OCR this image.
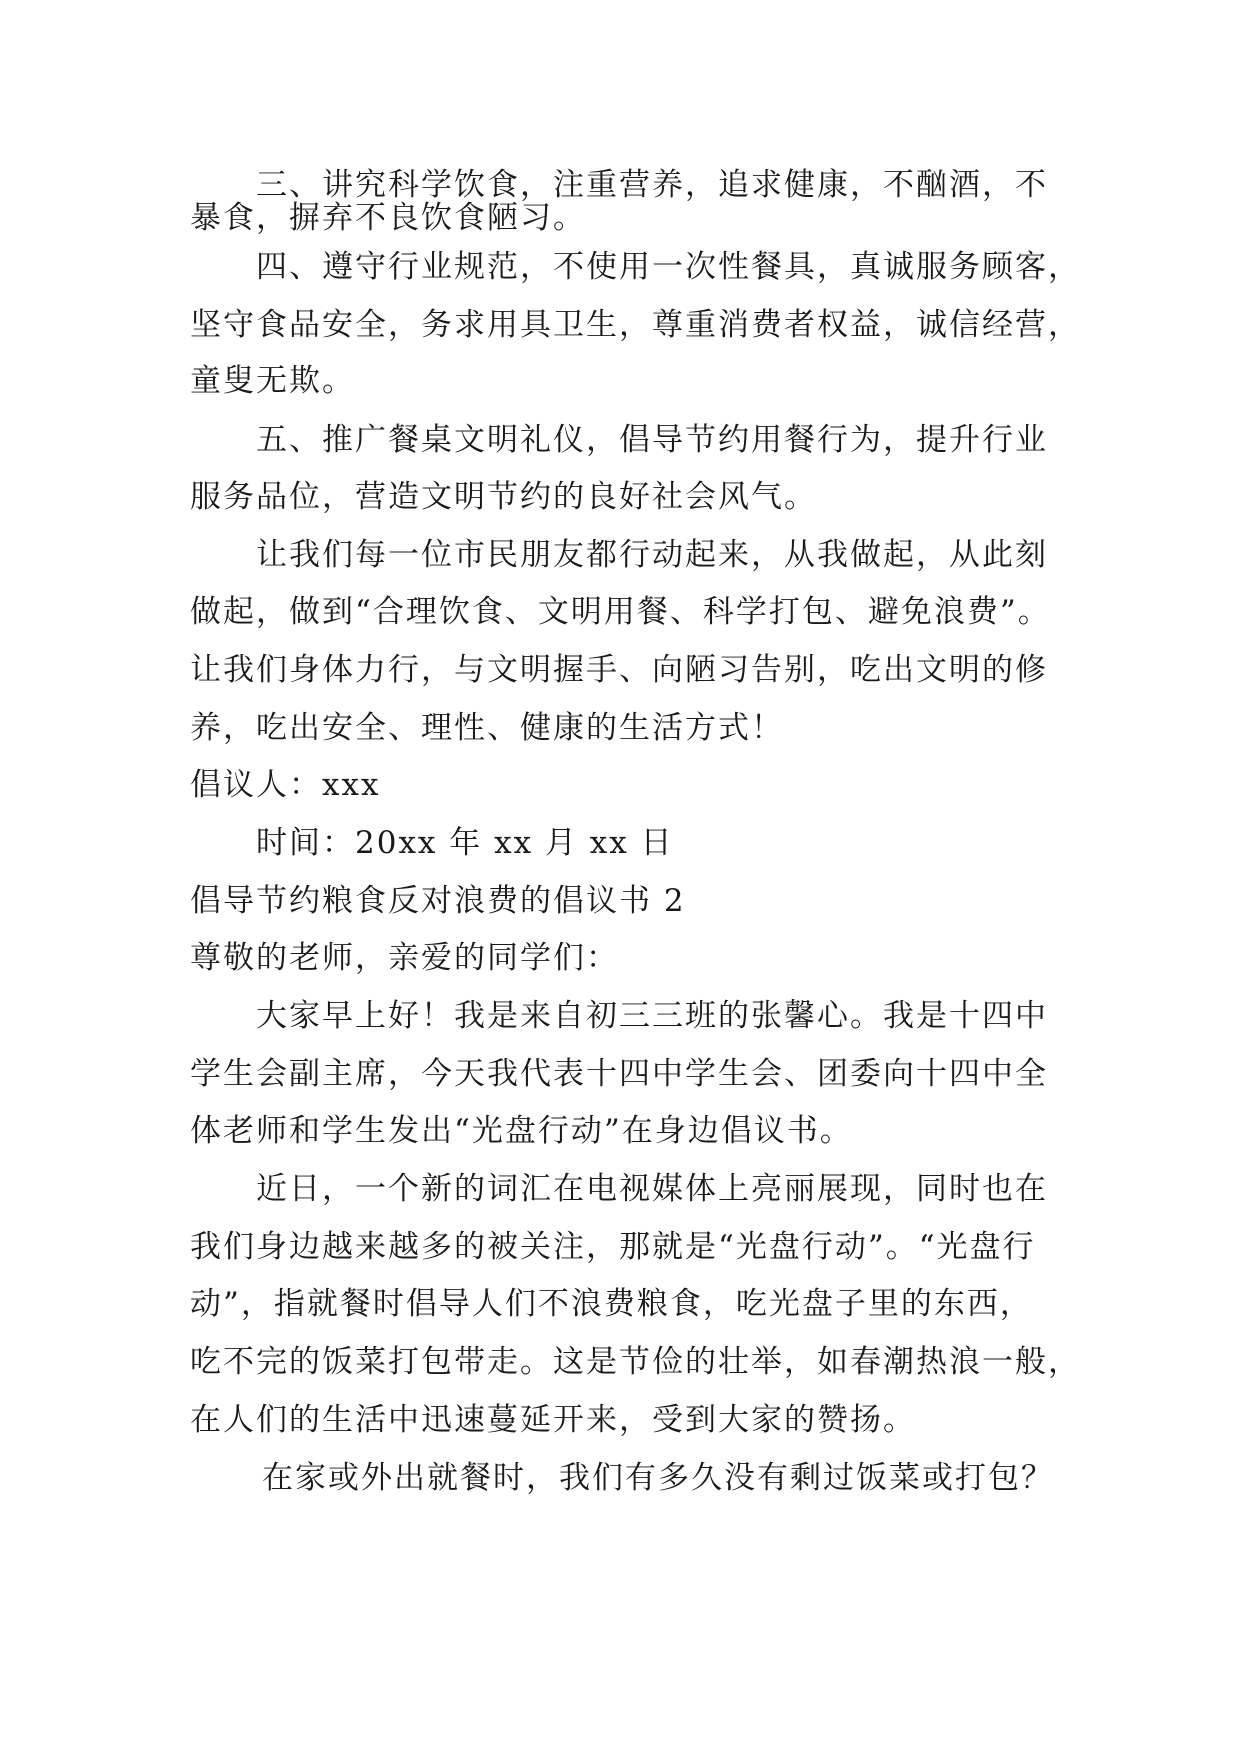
三、讲究科学饮食，注重营养，追求健康，不酗酒，不
暴食，摒弃不良饮食陋习。
四、遵守行业规范，不使用一次性餐具，真诚服务顾客，
坚守食品安全，务求用具卫生，尊重消费者权益，诚信经营，
童叟无欺。
五、推广餐桌文明礼仪，倡导节约用餐行为，提升行业
服务品位，营造文明节约的良好社会风气。
让我们每一位市民朋友都行动起来，从我做起，从此刻
做起，做到“合理饮食、文明用餐、科学打包、避免浪费”。
让我们身体力行，与文明握手、向陋习告别，吃出文明的修
养，吃出安全、理性、健康的生活方式！
倡议人：xxx
时间：20xx 年 xx 月 xx 日
倡导节约粮食反对浪费的倡议书 2
尊敬的老师，亲爱的同学们：
大家早上好！我是来自初三三班的张馨心。我是十四中
学生会副主席，今天我代表十四中学生会、团委向十四中全
体老师和学生发出“光盘行动”在身边倡议书。
近日，一个新的词汇在电视媒体上亮丽展现，同时也在
我们身边越来越多的被关注，那就是“光盘行动”。“光盘行
动”，指就餐时倡导人们不浪费粮食，吃光盘子里的东西，
吃不完的饭菜打包带走。这是节俭的壮举，如春潮热浪一般，
在人们的生活中迅速蔓延开来，受到大家的赞扬。
在家或外出就餐时，我们有多久没有剩过饭菜或打包？
